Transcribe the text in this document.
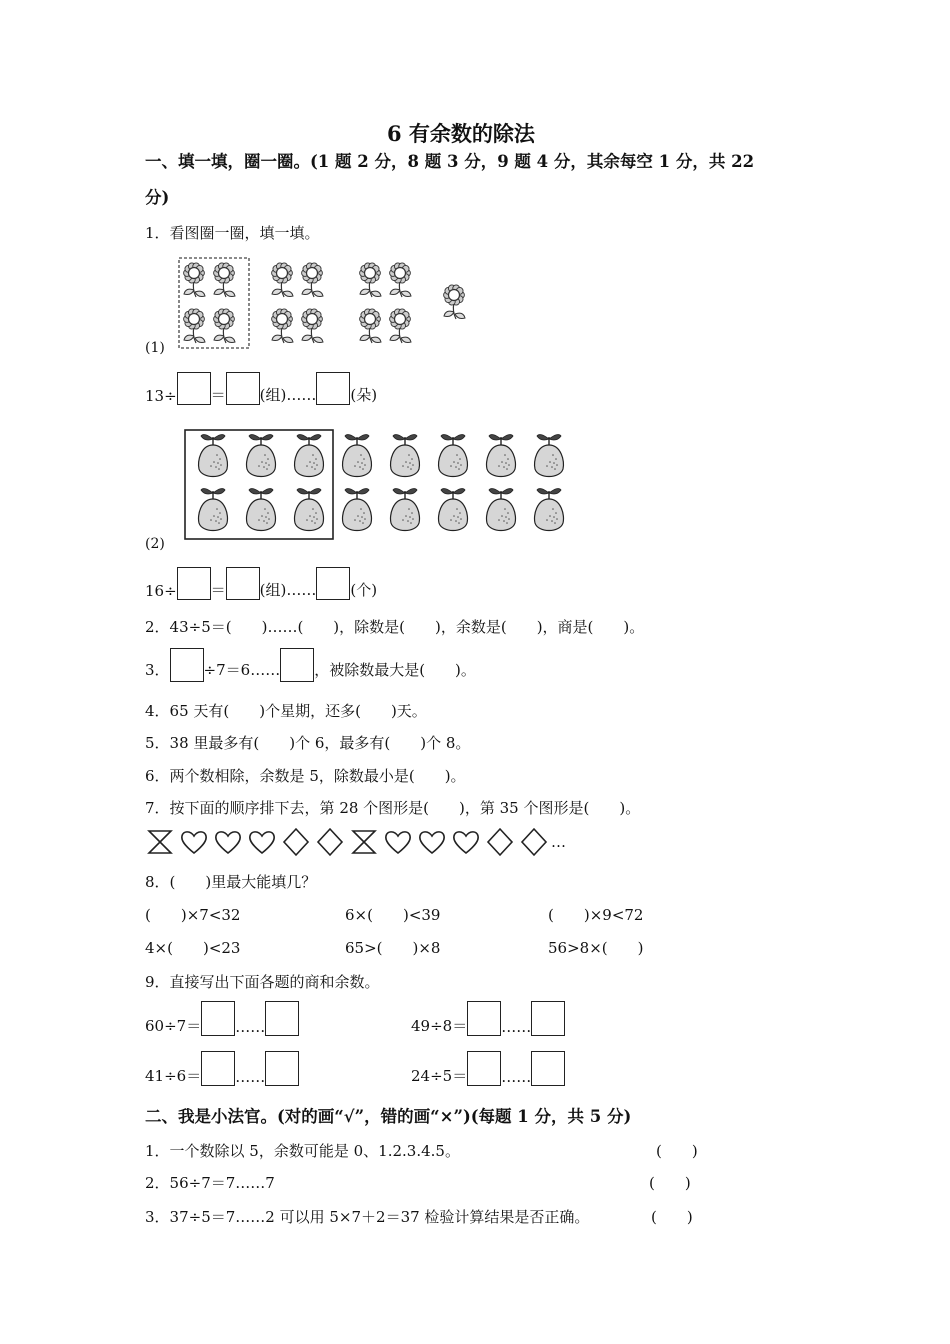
6 有余数的除法
一、填一填，圈一圈。(1 题 2 分，8 题 3 分，9 题 4 分，其余每空 1 分，共 22
分)
1．看图圈一圈，填一填。
(1)
13÷ ＝ (组)…… (朵)
(2)
16÷ ＝ (组)…… (个)
2．43÷5＝(　　)……(　　)，除数是(　　)，余数是(　　)，商是(　　)。
3． ÷7＝6…… ，被除数最大是(　　)。
4．65 天有(　　)个星期，还多(　　)天。
5．38 里最多有(　　)个 6，最多有(　　)个 8。
6．两个数相除，余数是 5，除数最小是(　　)。
7．按下面的顺序排下去，第 28 个图形是(　　)，第 35 个图形是(　　)。
…
8．(　　)里最大能填几？
(　　)×7<32	6×(　　)<39	(　　)×9<72
4×(　　)<23	65>(　　)×8	56>8×(　　)
9．直接写出下面各题的商和余数。
60÷7＝ ……	49÷8＝ ……
41÷6＝ ……	24÷5＝ ……
二、我是小法官。(对的画“√”，错的画“×”)(每题 1 分，共 5 分)
1．一个数除以 5，余数可能是 0、1.2.3.4.5。	(　　)
2．56÷7＝7……7	(　　)
3．37÷5＝7……2 可以用 5×7＋2＝37 检验计算结果是否正确。	(　　)
